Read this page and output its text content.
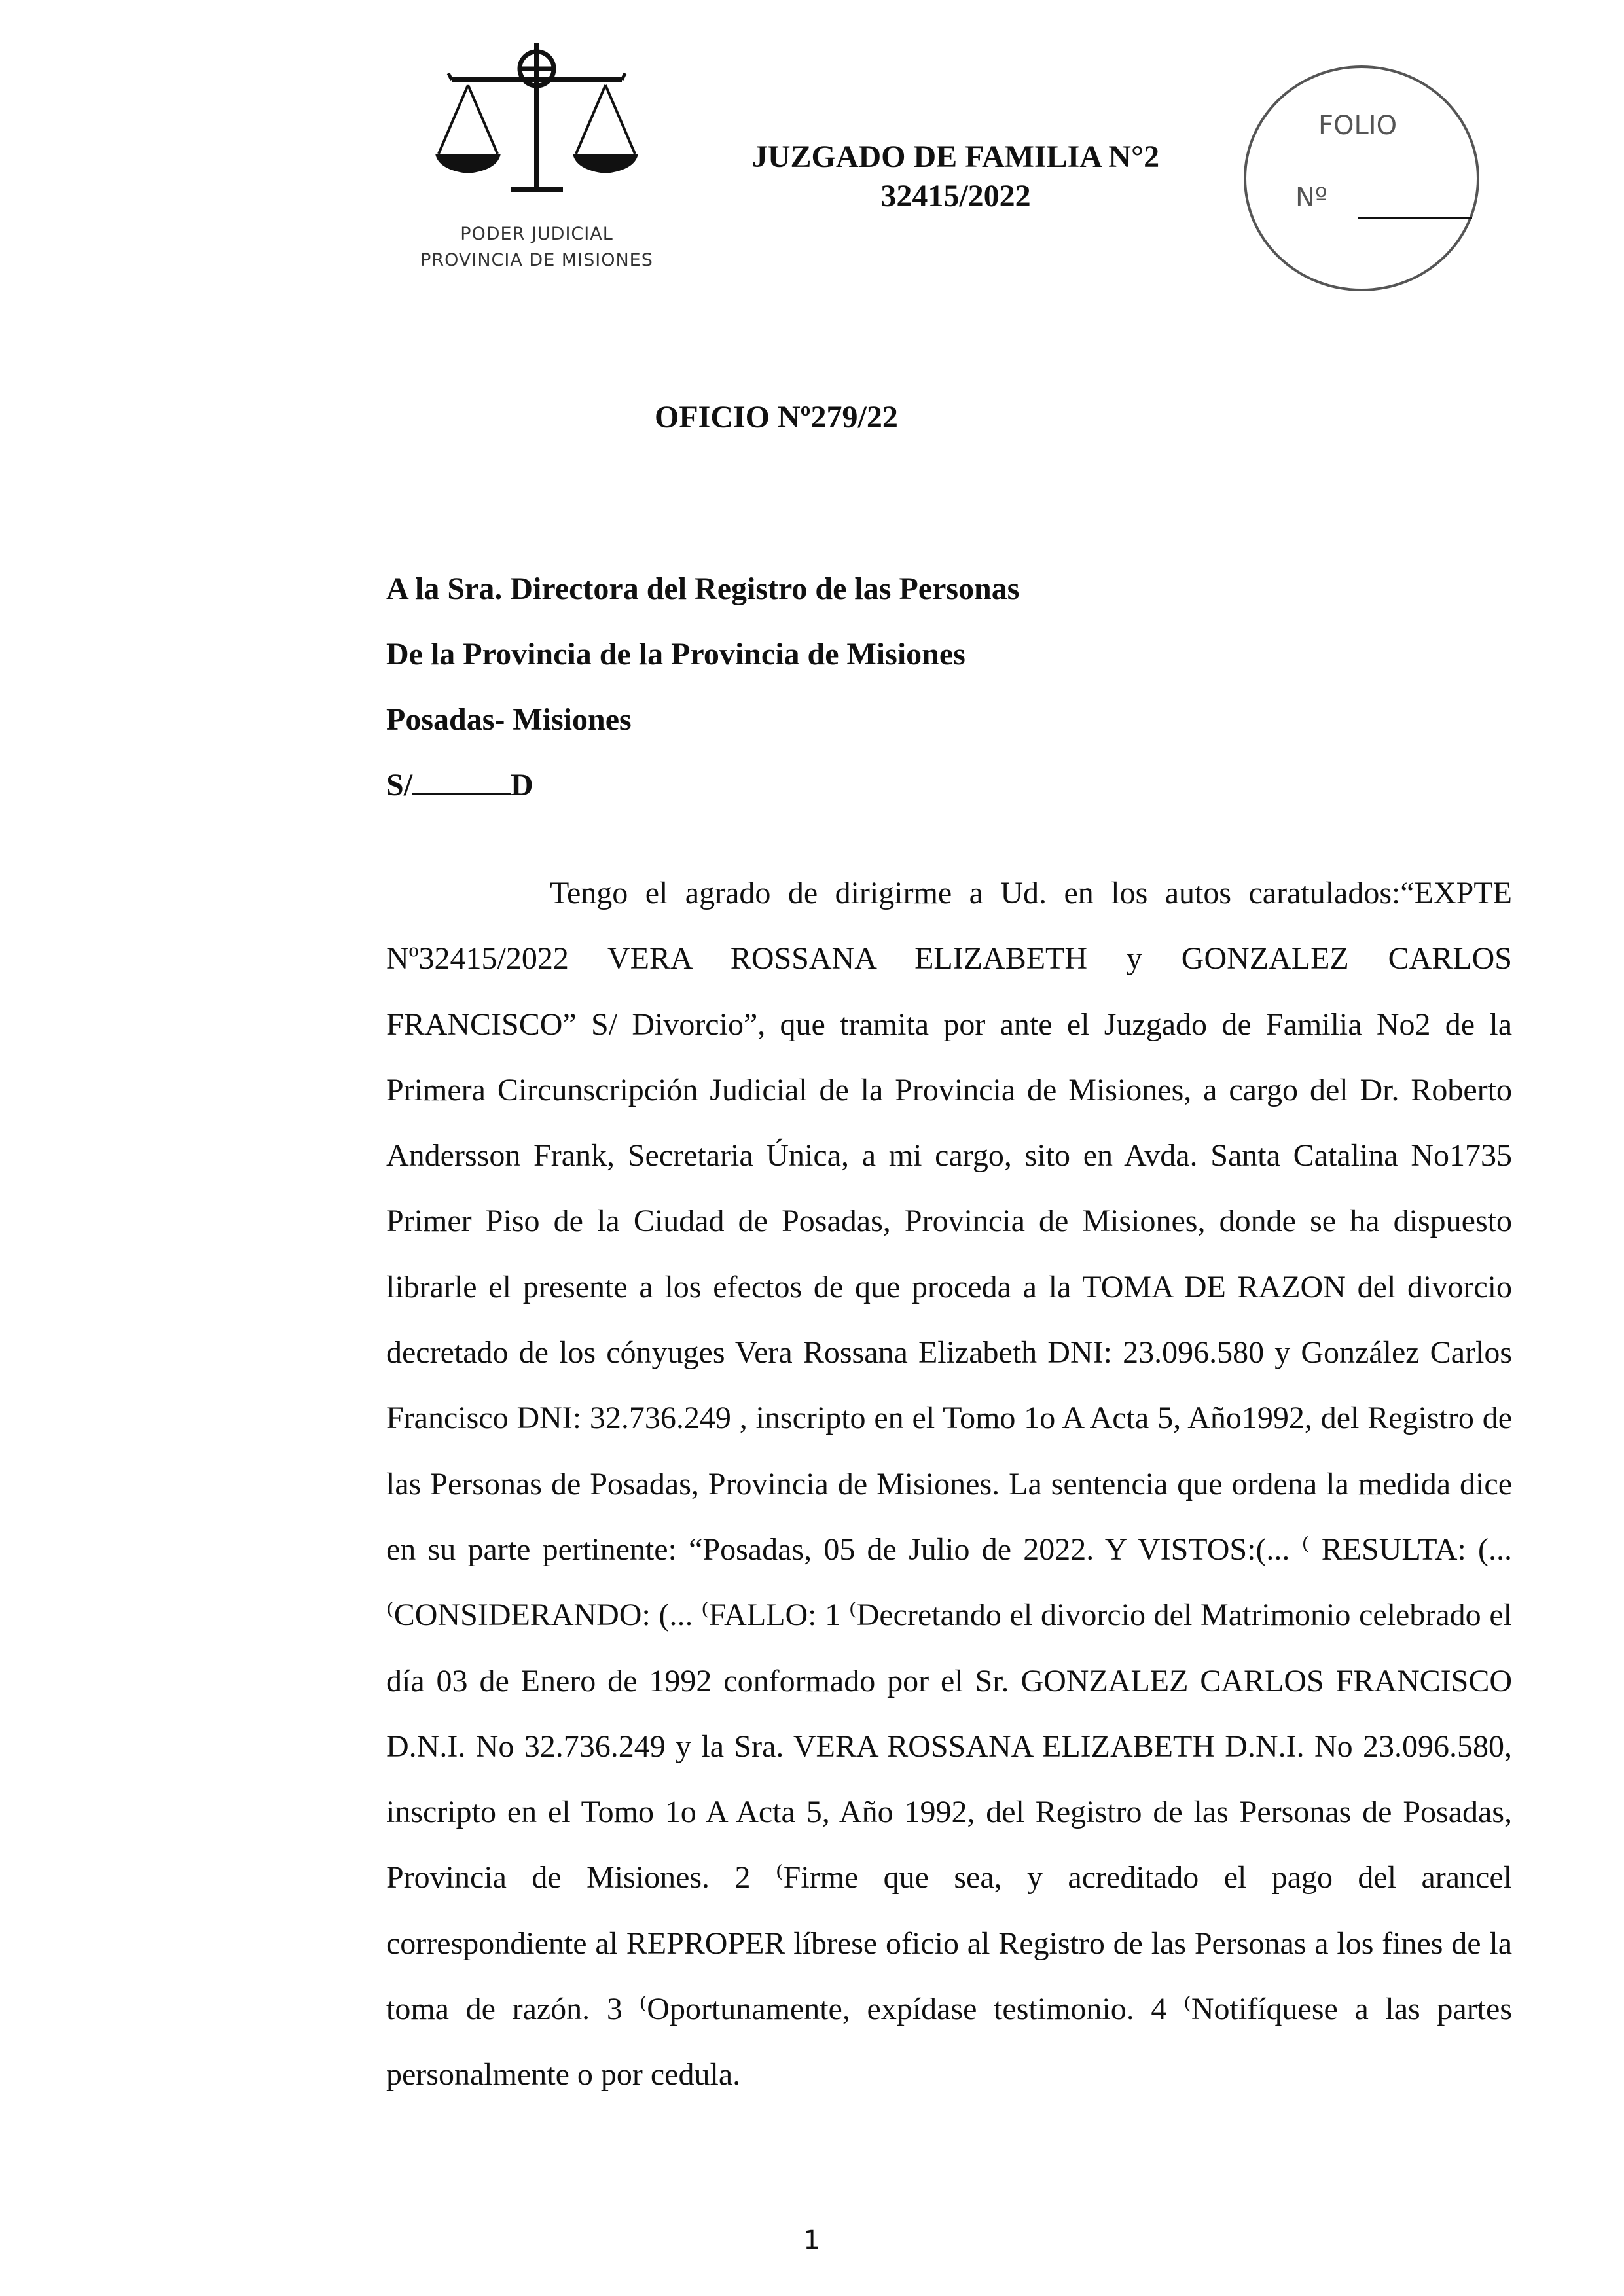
PODER JUDICIAL
PROVINCIA DE MISIONES
JUZGADO DE FAMILIA N°2
32415/2022
FOLIO
Nº
OFICIO Nº279/22
A la Sra. Directora del Registro de las Personas
De la Provincia de la Provincia de Misiones
Posadas- Misiones
S/	D

Tengo el agrado de dirigirme a Ud. en los autos caratulados:“EXPTE Nº32415/2022 VERA ROSSANA ELIZABETH y GONZALEZ CARLOS FRANCISCO” S/ Divorcio”, que tramita por ante el Juzgado de Familia No2 de la Primera Circunscripción Judicial de la Provincia de Misiones, a cargo del Dr. Roberto Andersson Frank, Secretaria Única, a mi cargo, sito en Avda. Santa Catalina No1735 Primer Piso de la Ciudad de Posadas, Provincia de Misiones, donde se ha dispuesto librarle el presente a los efectos de que proceda a la TOMA DE RAZON del divorcio decretado de los cónyuges Vera Rossana Elizabeth DNI: 23.096.580 y González Carlos Francisco DNI: 32.736.249 , inscripto en el Tomo 1o A Acta 5, Año1992, del Registro de las Personas de Posadas, Provincia de Misiones. La sentencia que ordena la medida dice en su parte pertinente: “Posadas, 05 de Julio de 2022. Y VISTOS:(... ⁽ RESULTA: (... ⁽CONSIDERANDO: (... ⁽FALLO: 1 ⁽Decretando el divorcio del Matrimonio celebrado el día 03 de Enero de 1992 conformado por el Sr. GONZALEZ CARLOS FRANCISCO D.N.I. No 32.736.249 y la Sra. VERA ROSSANA ELIZABETH D.N.I. No 23.096.580, inscripto en el Tomo 1o A Acta 5, Año 1992, del Registro de las Personas de Posadas, Provincia de Misiones. 2 ⁽Firme que sea, y acreditado el pago del arancel correspondiente al REPROPER líbrese oficio al Registro de las Personas a los fines de la toma de razón. 3 ⁽Oportunamente, expídase testimonio. 4 ⁽Notifíquese a las partes personalmente o por cedula.

1
